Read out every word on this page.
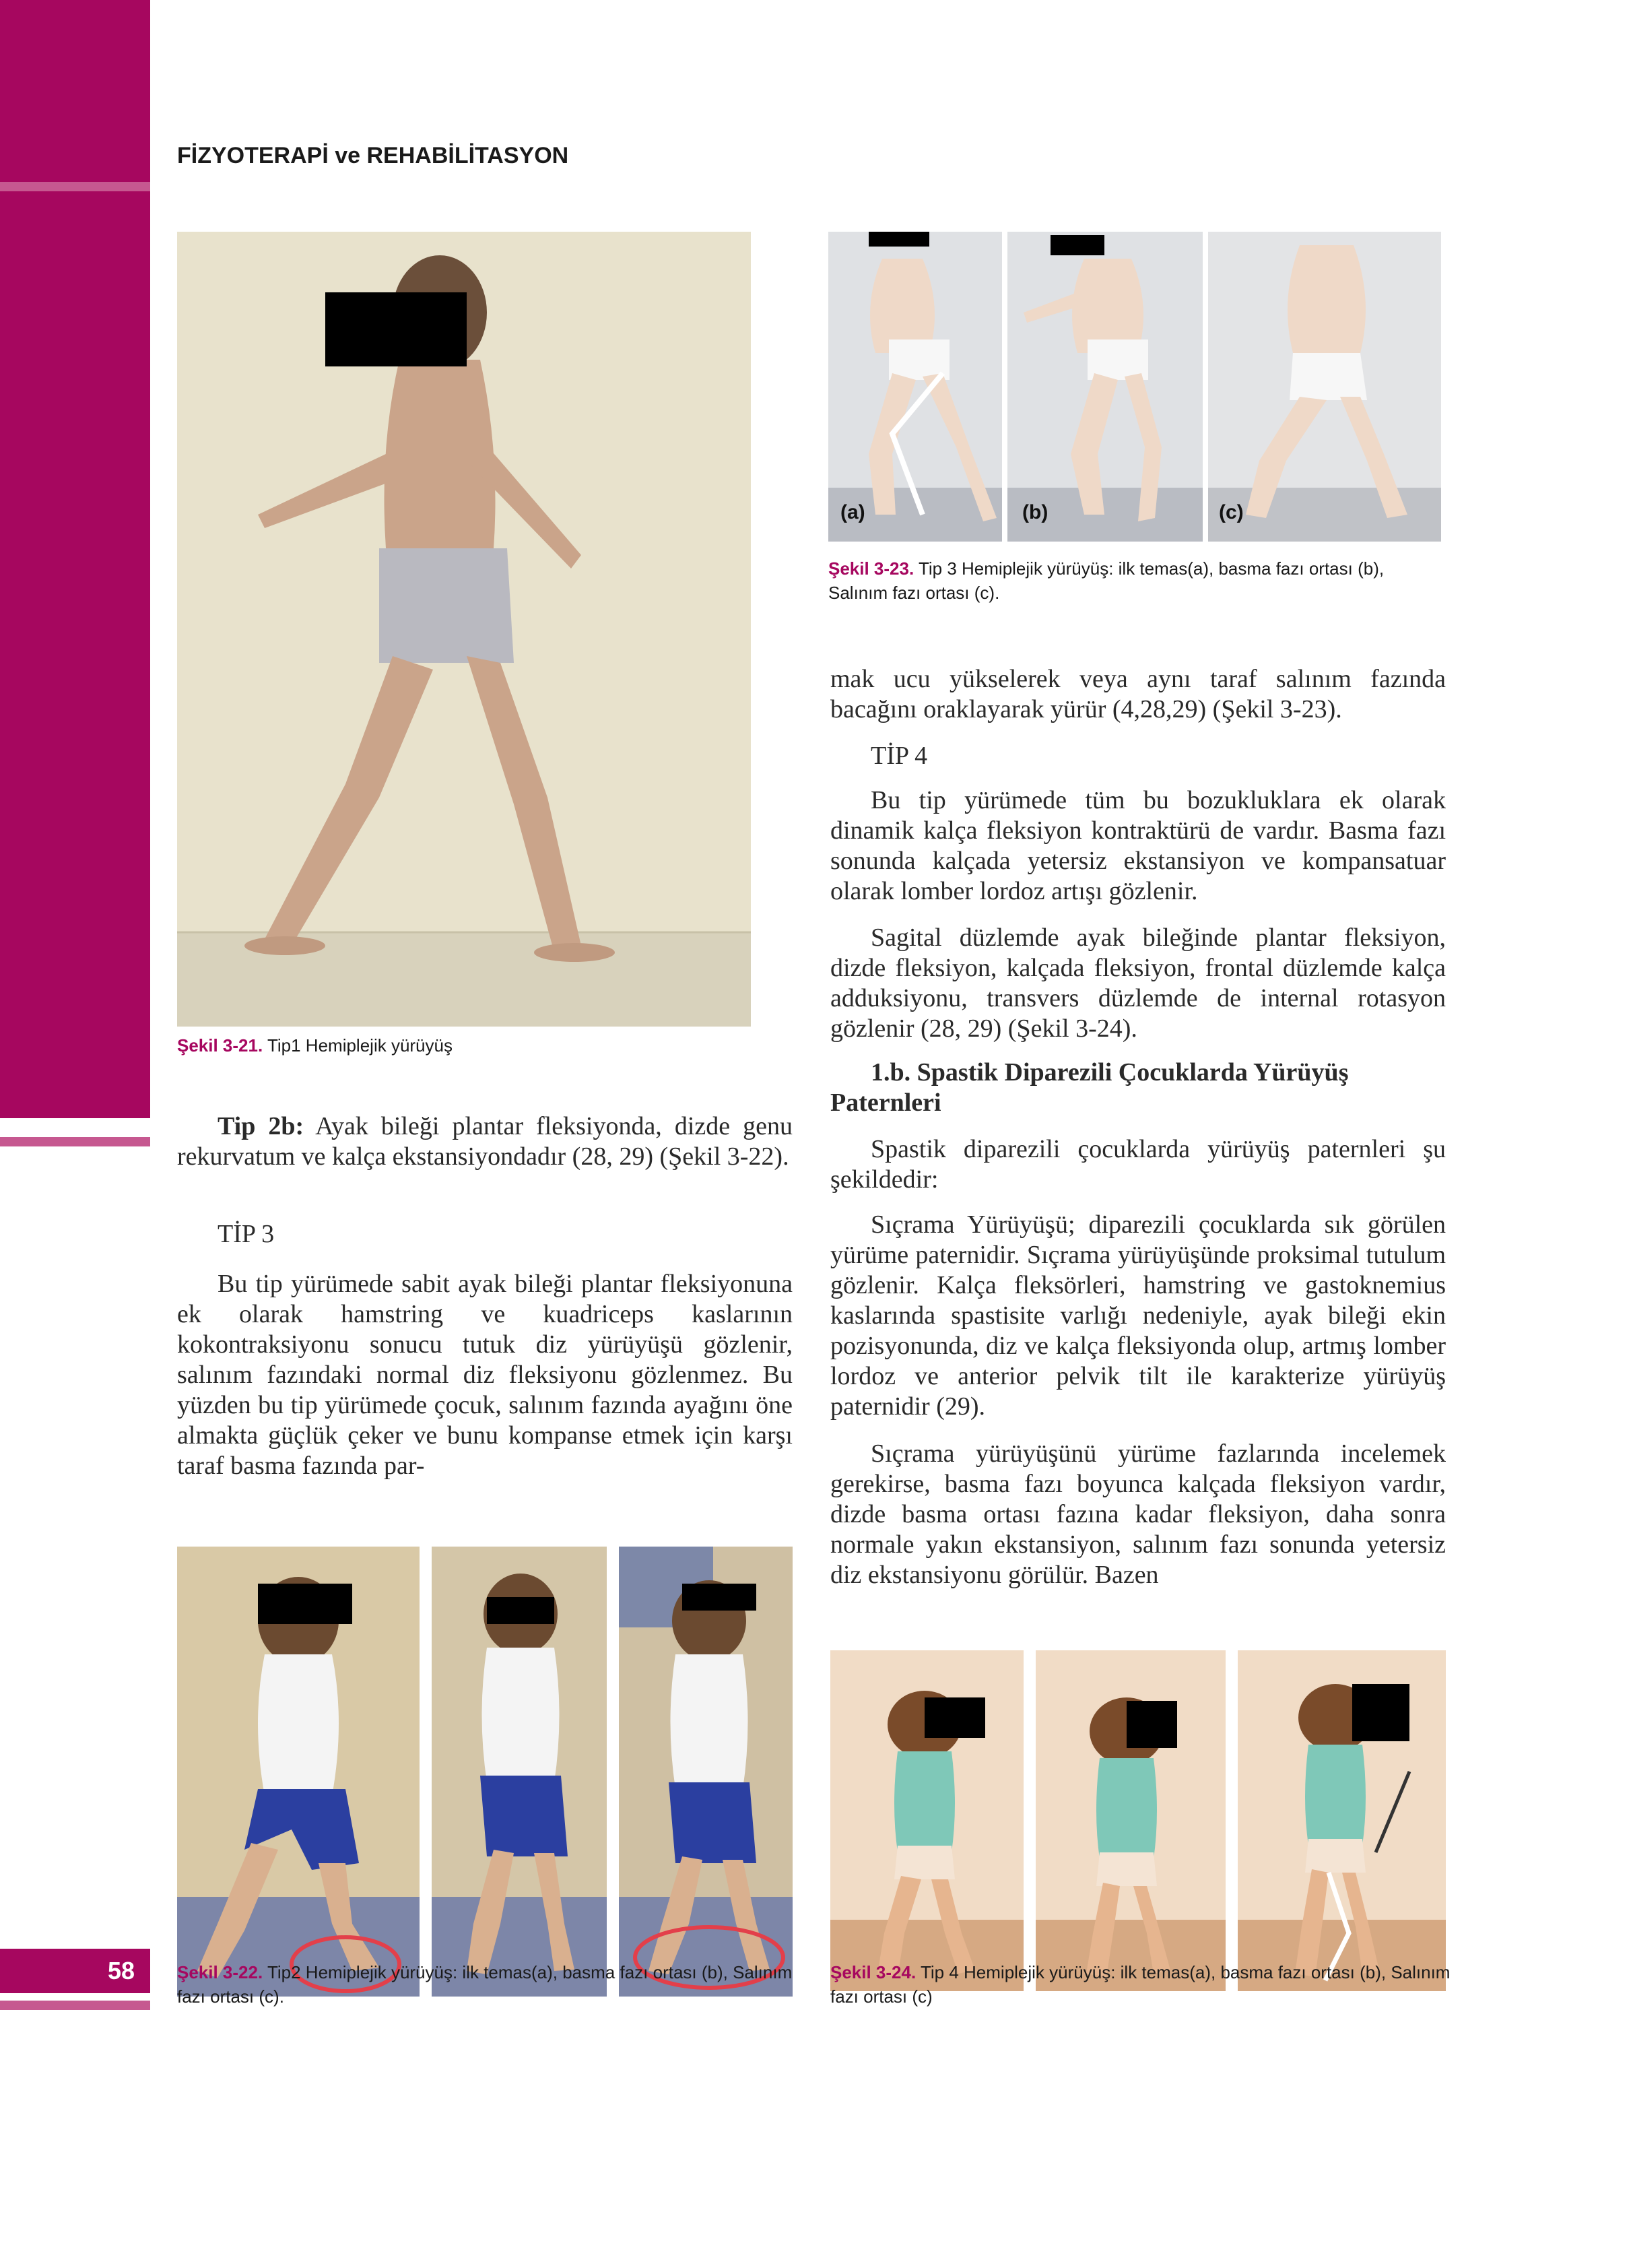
58
FİZYOTERAPİ ve REHABİLİTASYON
Şekil 3-21. Tip1 Hemiplejik yürüyüş
(a)	(b)	(c)
Şekil 3-23. Tip 3 Hemiplejik yürüyüş: ilk temas(a), basma fazı ortası (b), Salınım fazı ortası (c).
Tip 2b: Ayak bileği plantar fleksiyonda, dizde genu rekurvatum ve kalça ekstansiyondadır (28, 29) (Şekil 3-22).
TİP 3
Bu tip yürümede sabit ayak bileği plantar fleksiyonuna ek olarak hamstring ve kuadriceps kaslarının kokontraksiyonu sonucu tutuk diz yürüyüşü gözlenir, salınım fazındaki normal diz fleksiyonu gözlenmez. Bu yüzden bu tip yürümede çocuk, salınım fazında ayağını öne almakta güçlük çeker ve bunu kompanse etmek için karşı taraf basma fazında par-
mak ucu yükselerek veya aynı taraf salınım fazında bacağını oraklayarak yürür (4,28,29) (Şekil 3-23).
TİP 4
Bu tip yürümede tüm bu bozukluklara ek olarak dinamik kalça fleksiyon kontraktürü de vardır. Basma fazı sonunda kalçada yetersiz ekstansiyon ve kompansatuar olarak lomber lordoz artışı gözlenir.
Sagital düzlemde ayak bileğinde plantar fleksiyon, dizde fleksiyon, kalçada fleksiyon, frontal düzlemde kalça adduksiyonu, transvers düzlemde de internal rotasyon gözlenir (28, 29) (Şekil 3-24).
1.b. Spastik Diparezili Çocuklarda Yürüyüş Paternleri
Spastik diparezili çocuklarda yürüyüş paternleri şu şekildedir:
Sıçrama Yürüyüşü; diparezili çocuklarda sık görülen yürüme paternidir. Sıçrama yürüyüşünde proksimal tutulum gözlenir. Kalça fleksörleri, hamstring ve gastoknemius kaslarında spastisite varlığı nedeniyle, ayak bileği ekin pozisyonunda, diz ve kalça fleksiyonda olup, artmış lomber lordoz ve anterior pelvik tilt ile karakterize yürüyüş paternidir (29).
Sıçrama yürüyüşünü yürüme fazlarında incelemek gerekirse, basma fazı boyunca kalçada fleksiyon vardır, dizde basma ortası fazına kadar fleksiyon, daha sonra normale yakın ekstansiyon, salınım fazı sonunda yetersiz diz ekstansiyonu görülür. Bazen
Şekil 3-22. Tip2 Hemiplejik yürüyüş: ilk temas(a), basma fazı ortası (b), Salınım fazı ortası (c).
Şekil 3-24. Tip 4 Hemiplejik yürüyüş: ilk temas(a), basma fazı ortası (b), Salınım fazı ortası (c)
